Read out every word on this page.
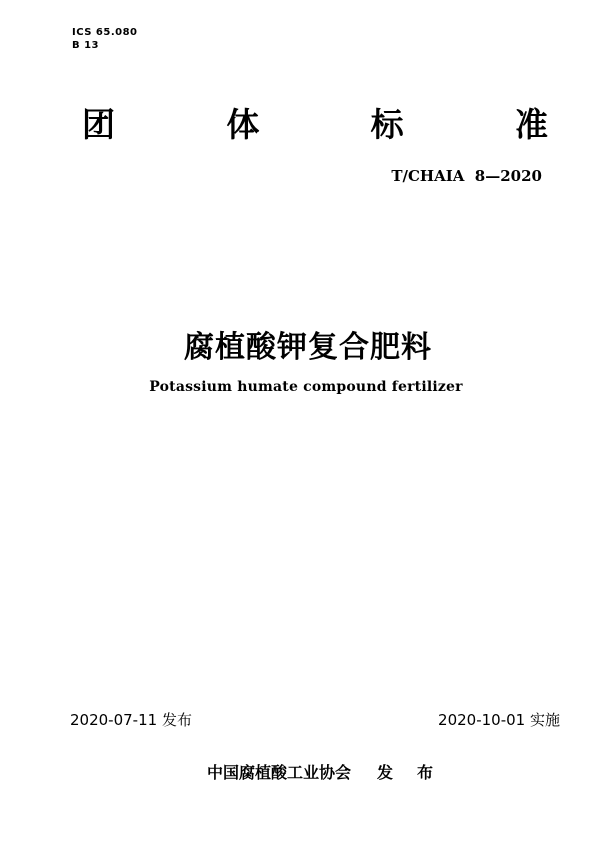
ICS 65.080
B 13
团	体	标	准
T/CHAIA  8—2020
腐植酸钾复合肥料
Potassium humate compound fertilizer
2020-07-11 发布	2020-10-01 实施
中国腐植酸工业协会 发　布
